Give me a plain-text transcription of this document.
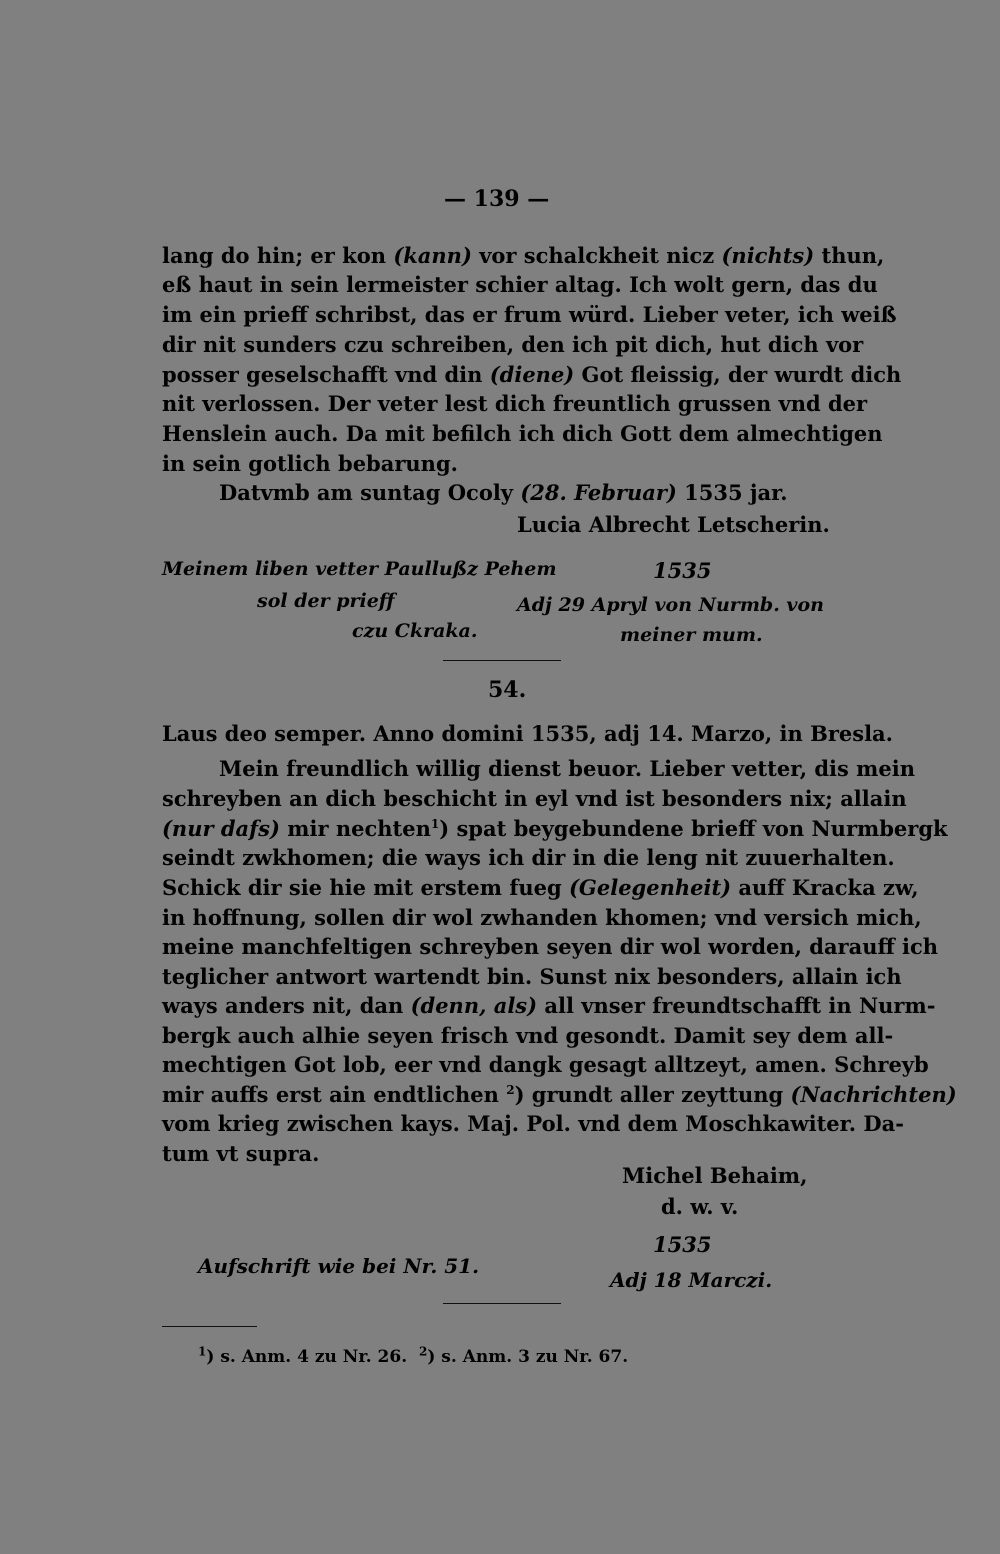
— 139 —
lang do hin; er kon (kann) vor schalckheit nicz (nichts) thun,
eß haut in sein lermeister schier altag. Ich wolt gern, das du
im ein prieff schribst, das er frum würd. Lieber veter, ich weiß
dir nit sunders czu schreiben, den ich pit dich, hut dich vor
posser geselschafft vnd din (diene) Got fleissig, der wurdt dich
nit verlossen. Der veter lest dich freuntlich grussen vnd der
Henslein auch. Da mit befilch ich dich Gott dem almechtigen
in sein gotlich bebarung.
Datvmb am suntag Ocoly (28. Februar) 1535 jar.
Lucia Albrecht Letscherin.
Meinem liben vetter Paullußz Pehem
sol der prieff
czu Ckraka.
1535
Adj 29 Apryl von Nurmb. von
meiner mum.
54.
Laus deo semper. Anno domini 1535, adj 14. Marzo, in Bresla.
Mein freundlich willig dienst beuor. Lieber vetter, dis mein
schreyben an dich beschicht in eyl vnd ist besonders nix; allain
(nur dafs) mir nechten$^1$) spat beygebundene brieff von Nurmbergk
seindt zwkhomen; die ways ich dir in die leng nit zuuerhalten.
Schick dir sie hie mit erstem fueg (Gelegenheit) auff Kracka zw,
in hoffnung, sollen dir wol zwhanden khomen; vnd versich mich,
meine manchfeltigen schreyben seyen dir wol worden, darauff ich
teglicher antwort wartendt bin. Sunst nix besonders, allain ich
ways anders nit, dan (denn, als) all vnser freundtschafft in Nurm-
bergk auch alhie seyen frisch vnd gesondt. Damit sey dem all-
mechtigen Got lob, eer vnd dangk gesagt alltzeyt, amen. Schreyb
mir auffs erst ain endtlichen $^2$) grundt aller zeyttung (Nachrichten)
vom krieg zwischen kays. Maj. Pol. vnd dem Moschkawiter. Da-
tum vt supra.
Michel Behaim,
d. w. v.
1535
Aufschrift wie bei Nr. 51.
Adj 18 Marczi.
$^1$) s. Anm. 4 zu Nr. 26. $^2$) s. Anm. 3 zu Nr. 67.
